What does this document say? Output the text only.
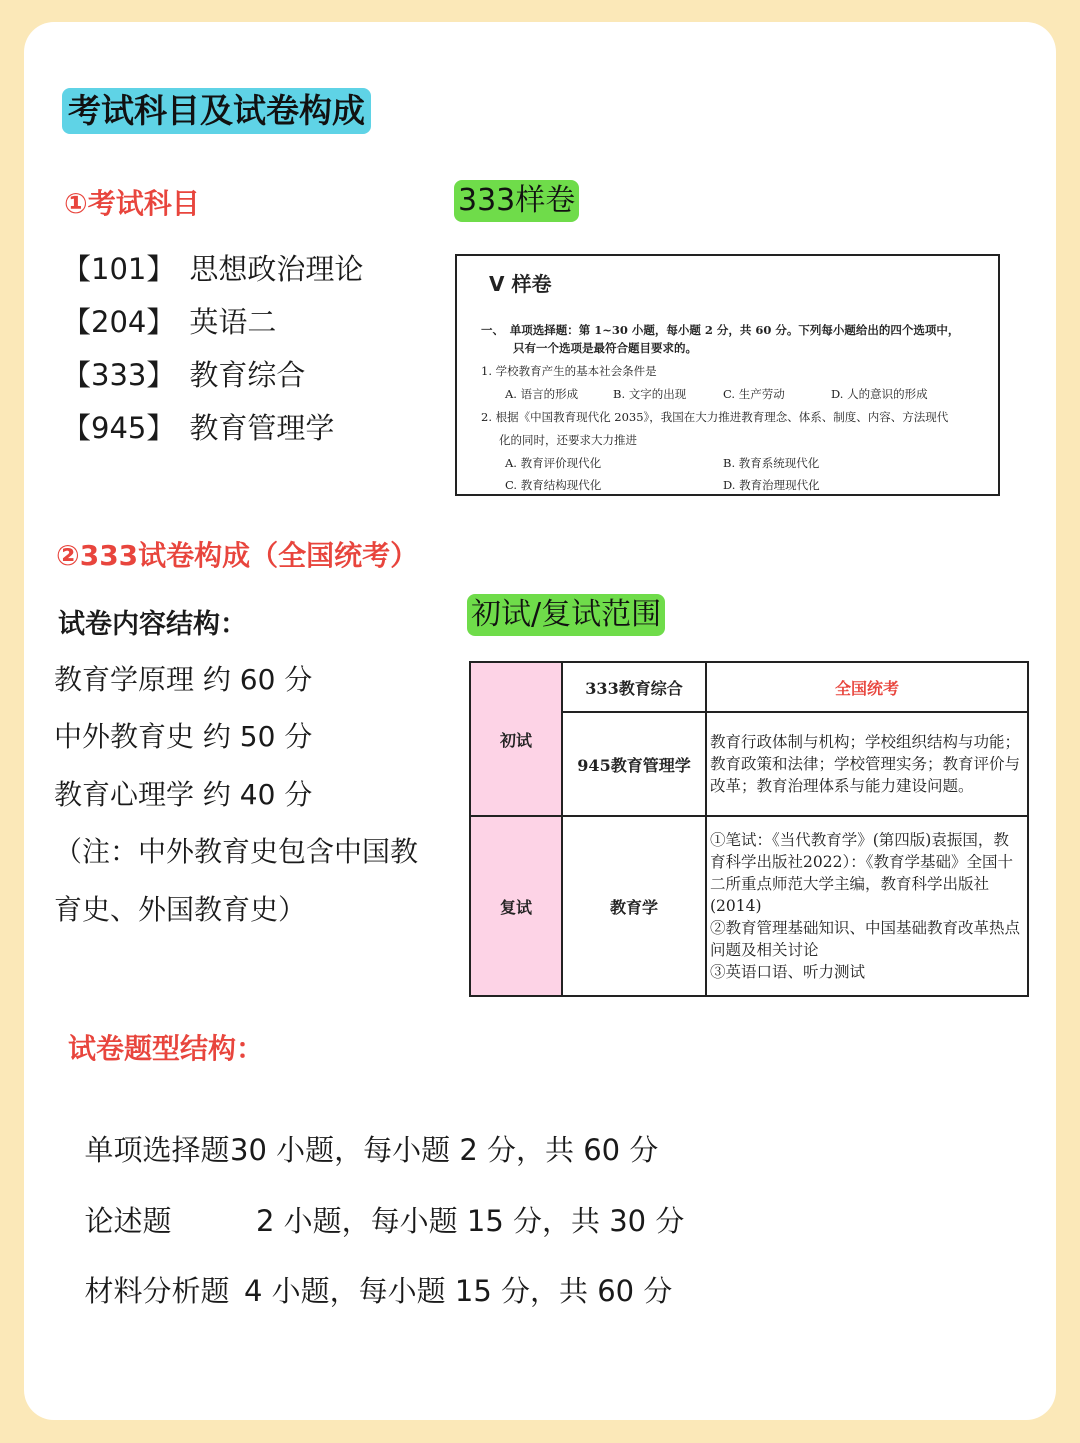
考试科目及试卷构成
①考试科目
【101】 思想政治理论
【204】 英语二
【333】 教育综合
【945】 教育管理学
333样卷
V 样卷
一、　单项选择题：第 1~30 小题，每小题 2 分，共 60 分。下列每小题给出的四个选项中，
只有一个选项是最符合题目要求的。
1. 学校教育产生的基本社会条件是
A. 语言的形成	B. 文字的出现	C. 生产劳动	D. 人的意识的形成
2. 根据《中国教育现代化 2035》，我国在大力推进教育理念、体系、制度、内容、方法现代
化的同时，还要求大力推进
A. 教育评价现代化	B. 教育系统现代化
C. 教育结构现代化	D. 教育治理现代化
②333试卷构成（全国统考）
试卷内容结构：
教育学原理 约 60 分
中外教育史 约 50 分
教育心理学 约 40 分
（注：中外教育史包含中国教
育史、外国教育史）
初试/复试范围
初试	333教育综合	全国统考
	945教育管理学	教育行政体制与机构；学校组织结构与功能；教育政策和法律；学校管理实务；教育评价与改革；教育治理体系与能力建设问题。
复试	教育学	①笔试：《当代教育学》(第四版)袁振国，教育科学出版社2022）：《教育学基础》全国十二所重点师范大学主编，教育科学出版社(2014)
②教育管理基础知识、中国基础教育改革热点问题及相关讨论
③英语口语、听力测试
试卷题型结构：

单项选择题 30 小题，每小题 2 分，共 60 分

论述题	2 小题，每小题 15 分，共 30 分

材料分析题 4 小题，每小题 15 分，共 60 分
